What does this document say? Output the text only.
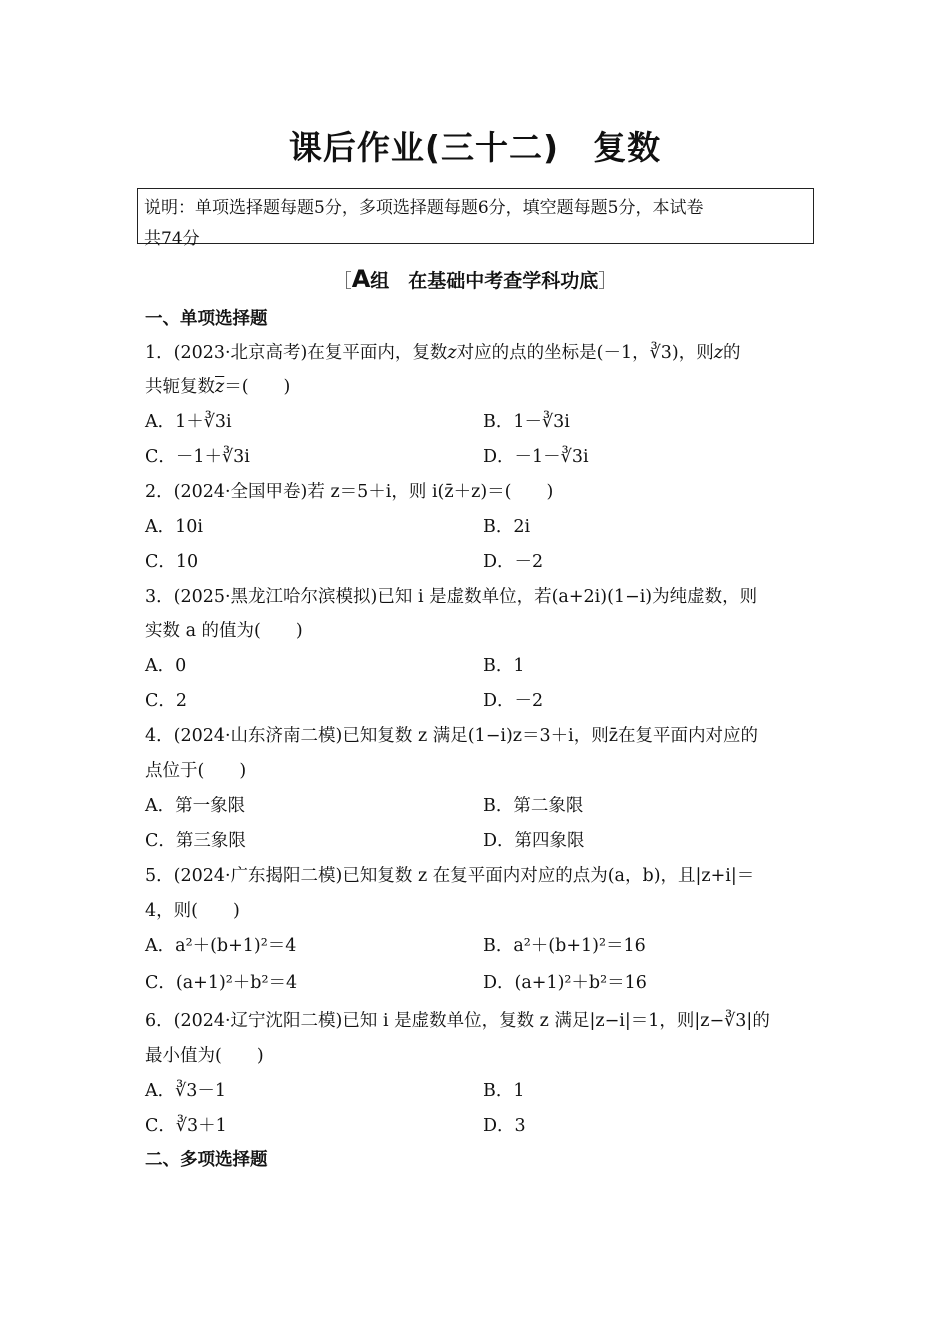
课后作业(三十二)　复数
说明：单项选择题每题5分，多项选择题每题6分，填空题每题5分，本试卷
共74分
［A组　在基础中考查学科功底］
一、单项选择题
1．(2023·北京高考)在复平面内，复数z对应的点的坐标是(－1，∛3)，则z的
共轭复数$\overline{z}=$(　　)
A．1＋∛3i	B．1－∛3i
C．－1＋∛3i	D．－1－∛3i
2．(2024·全国甲卷)若 z＝5＋i，则 i(z̄＋z)＝(　　)
A．10i	B．2i
C．10	D．－2
3．(2025·黑龙江哈尔滨模拟)已知 i 是虚数单位，若(a+2i)(1−i)为纯虚数，则
实数 a 的值为(　　)
A．0	B．1
C．2	D．－2
4．(2024·山东济南二模)已知复数 z 满足(1−i)z＝3＋i，则z̄在复平面内对应的
点位于(　　)
A．第一象限	B．第二象限
C．第三象限	D．第四象限
5．(2024·广东揭阳二模)已知复数 z 在复平面内对应的点为(a，b)，且|z+i|＝
4，则(　　)
A．a²＋(b+1)²＝4	B．a²＋(b+1)²＝16
C．(a+1)²＋b²＝4	D．(a+1)²＋b²＝16
6．(2024·辽宁沈阳二模)已知 i 是虚数单位，复数 z 满足|z−i|＝1，则|z−∛3|的
最小值为(　　)
A．∛3－1	B．1
C．∛3＋1	D．3
二、多项选择题
